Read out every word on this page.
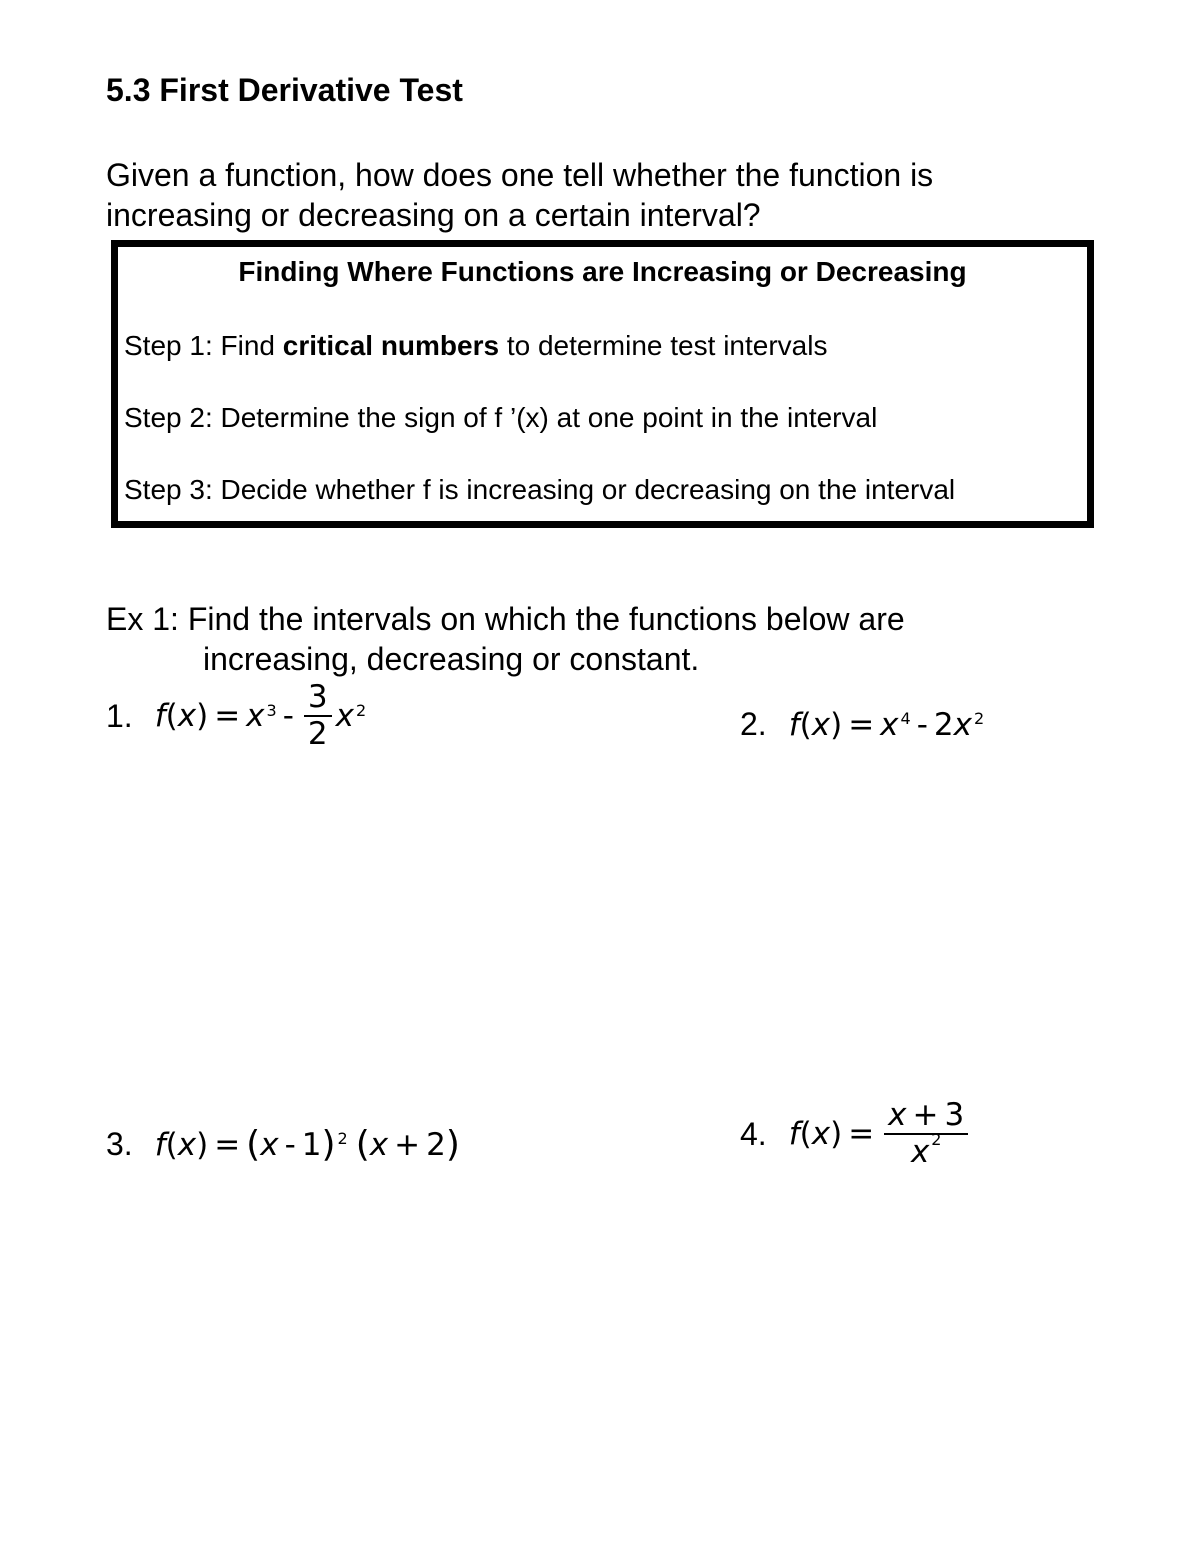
5.3 First Derivative Test
Given a function, how does one tell whether the function is
increasing or decreasing on a certain interval?
Finding Where Functions are Increasing or Decreasing
Step 1: Find critical numbers to determine test intervals
Step 2: Determine the sign of f ’(x) at one point in the interval
Step 3: Decide whether f is increasing or decreasing on the interval
Ex 1: Find the intervals on which the functions below are
increasing, decreasing or constant.
1. f ( x ) = $x^3 - \frac{3}{2} x^2$	2. f ( x ) = $x^4 - 2$ $x^2$
3. f ( x ) = ( x - 1 )$^2$ ( x + 2 )	4. f ( x ) = $\frac{x + 3}{x ^2}$
